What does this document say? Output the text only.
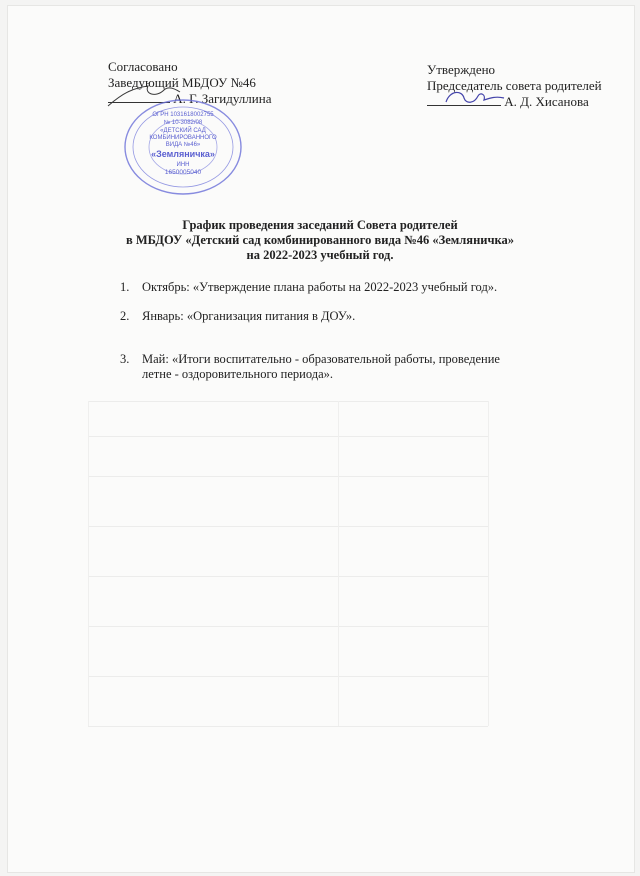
Согласовано
Заведующий МБДОУ №46
А. Г. Загидуллина
Утверждено
Председатель совета родителей
А. Д. Хисанова
ОГРН 1031618002755
№ 10-3082/08
«ДЕТСКИЙ САД
КОМБИНИРОВАННОГО
ВИДА №46»
«Земляничка»
ИНН
1650005040
График проведения заседаний Совета родителей
в МБДОУ «Детский сад комбинированного вида №46 «Земляничка»
на 2022-2023 учебный год.
1. Октябрь: «Утверждение плана работы на 2022-2023 учебный год».
2. Январь: «Организация питания в ДОУ».
3. Май: «Итоги воспитательно - образовательной работы, проведение
летне - оздоровительного периода».
